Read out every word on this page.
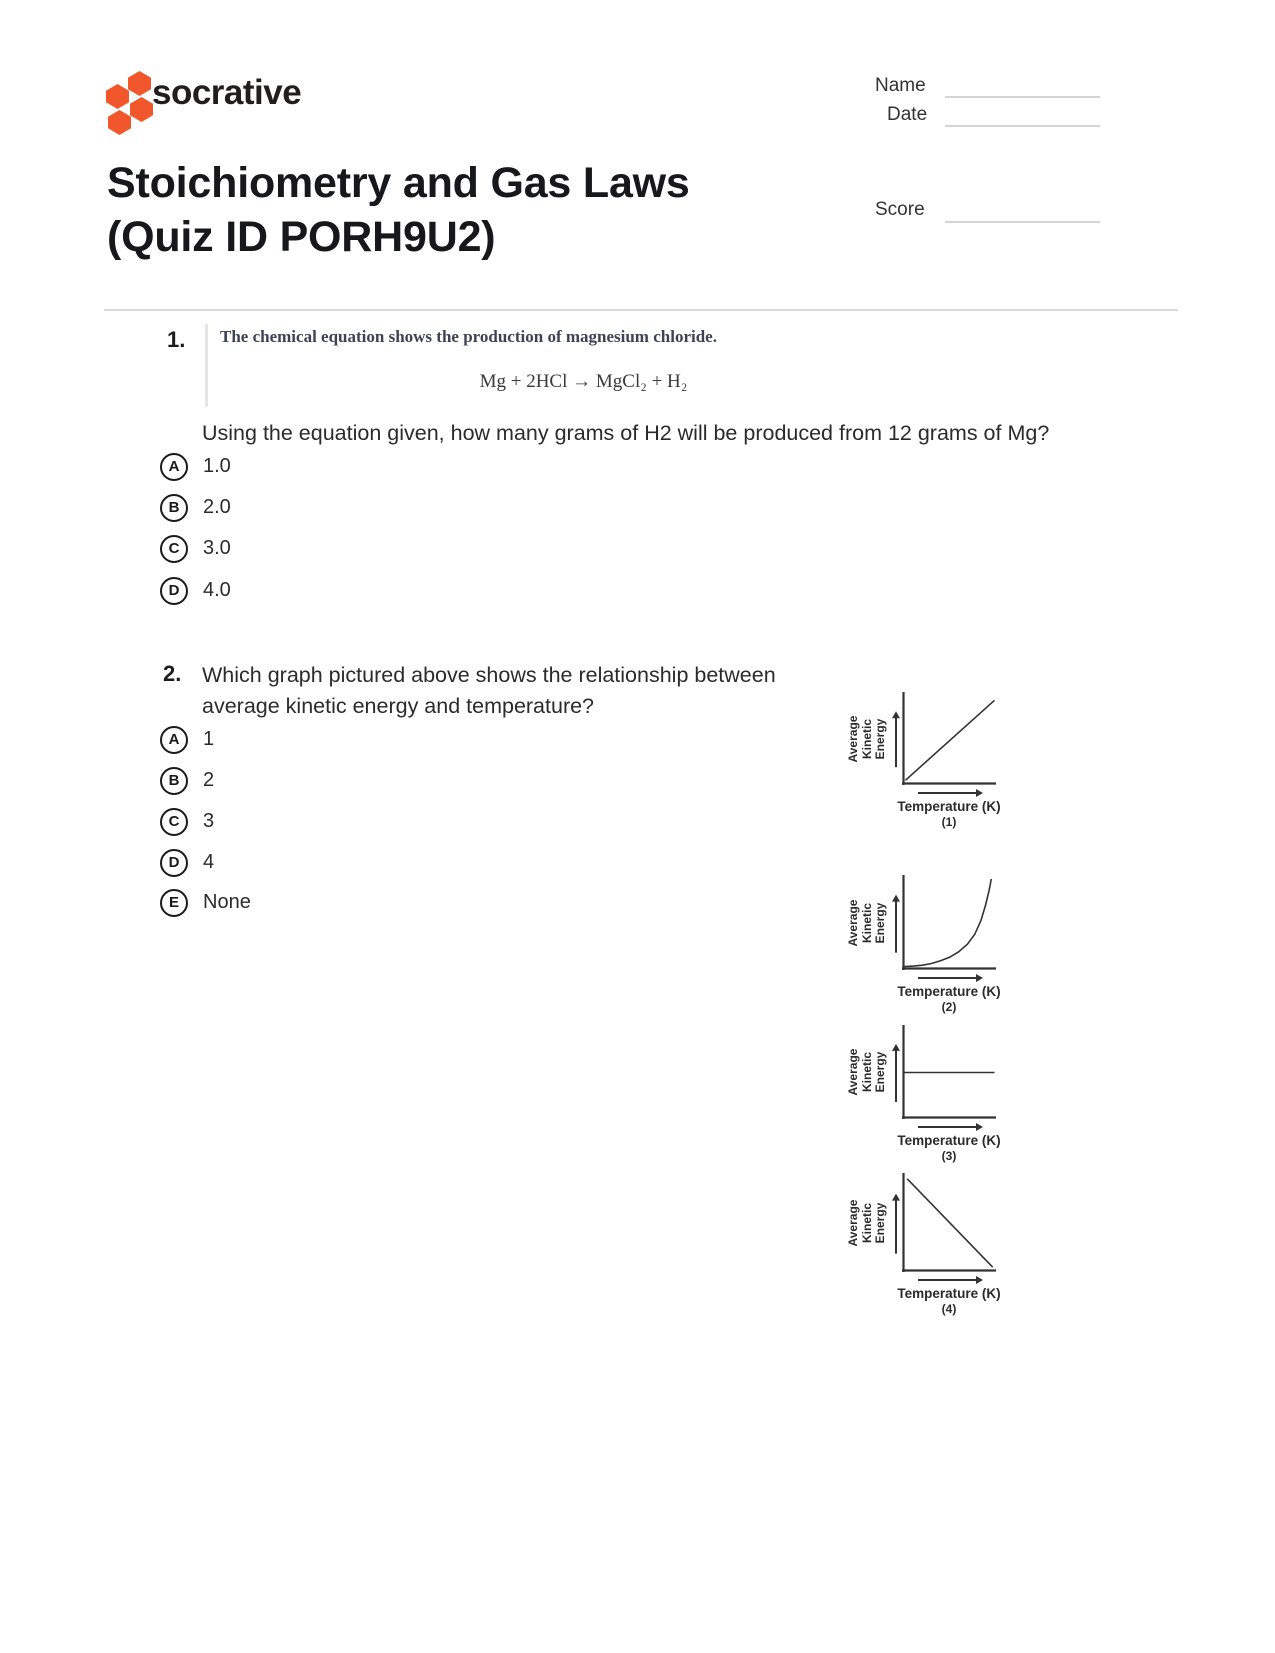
socrative	Name
Date
Stoichiometry and Gas Laws
(Quiz ID PORH9U2)
Score
1. The chemical equation shows the production of magnesium chloride.
Mg + 2HCl → MgCl₂ + H₂
Using the equation given, how many grams of H2 will be produced from 12 grams of Mg?
A	1.0
B	2.0
C	3.0
D	4.0
2. Which graph pictured above shows the relationship between
average kinetic energy and temperature?
A	1
B	2
C	3
D	4
E	None
Average Kinetic Energy
Temperature (K)
(1)
Average Kinetic Energy
Temperature (K)
(2)
Average Kinetic Energy
Temperature (K)
(3)
Average Kinetic Energy
Temperature (K)
(4)
